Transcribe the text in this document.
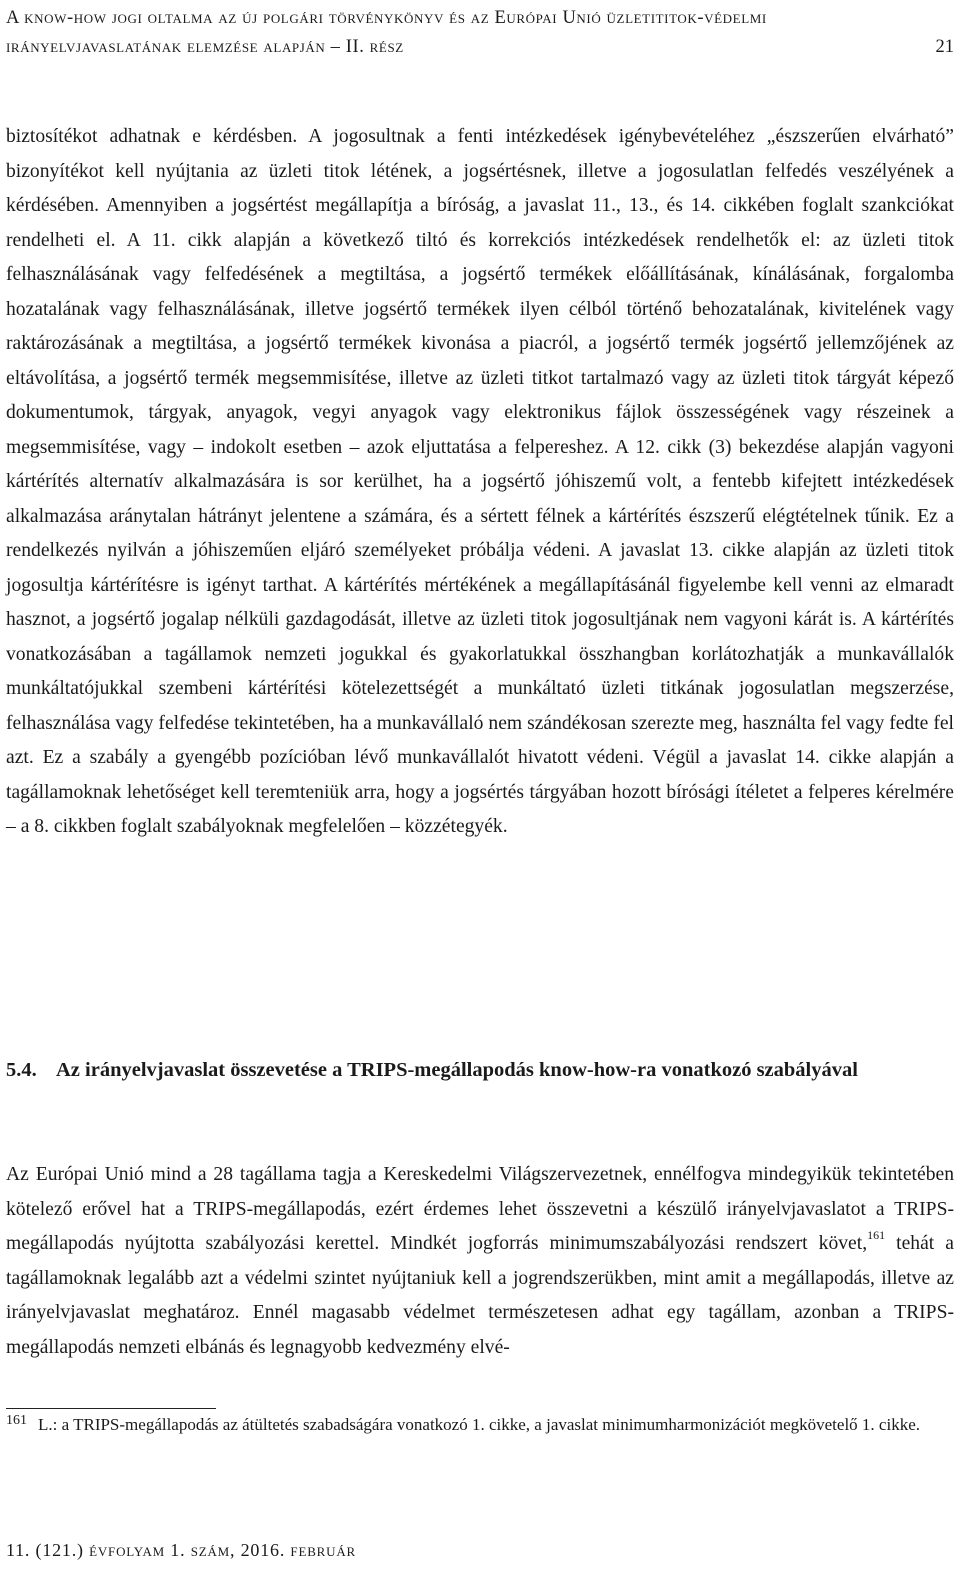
A know-how jogi oltalma az új polgári törvénykönyv és az Európai Unió üzletititok-védelmi irányelvjavaslatának elemzése alapján – II. rész	21

biztosítékot adhatnak e kérdésben. A jogosultnak a fenti intézkedések igénybevételéhez „észszerűen elvárható” bizonyítékot kell nyújtania az üzleti titok létének, a jogsértésnek, illetve a jogosulatlan felfedés veszélyének a kérdésében. Amennyiben a jogsértést megállapítja a bíróság, a javaslat 11., 13., és 14. cikkében foglalt szankciókat rendelheti el. A 11. cikk alapján a következő tiltó és korrekciós intézkedések rendelhetők el: az üzleti titok felhasználásának vagy felfedésének a megtiltása, a jogsértő termékek előállításának, kínálásának, forgalomba hozatalának vagy felhasználásának, illetve jogsértő termékek ilyen célból történő behozatalának, kivitelének vagy raktározásának a megtiltása, a jogsértő termékek kivonása a piacról, a jogsértő termék jogsértő jellemzőjének az eltávolítása, a jogsértő termék megsemmisítése, illetve az üzleti titkot tartalmazó vagy az üzleti titok tárgyát képező dokumentumok, tárgyak, anyagok, vegyi anyagok vagy elektronikus fájlok összességének vagy részeinek a megsemmisítése, vagy – indokolt esetben – azok eljuttatása a felpereshez. A 12. cikk (3) bekezdése alapján vagyoni kártérítés alternatív alkalmazására is sor kerülhet, ha a jogsértő jóhiszemű volt, a fentebb kifejtett intézkedések alkalmazása aránytalan hátrányt jelentene a számára, és a sértett félnek a kártérítés észszerű elégtételnek tűnik. Ez a rendelkezés nyilván a jóhiszeműen eljáró személyeket próbálja védeni. A javaslat 13. cikke alapján az üzleti titok jogosultja kártérítésre is igényt tarthat. A kártérítés mértékének a megállapításánál figyelembe kell venni az elmaradt hasznot, a jogsértő jogalap nélküli gazdagodását, illetve az üzleti titok jogosultjának nem vagyoni kárát is. A kártérítés vonatkozásában a tagállamok nemzeti jogukkal és gyakorlatukkal összhangban korlátozhatják a munkavállalók munkáltatójukkal szembeni kártérítési kötelezettségét a munkáltató üzleti titkának jogosulatlan megszerzése, felhasználása vagy felfedése tekintetében, ha a munkavállaló nem szándékosan szerezte meg, használta fel vagy fedte fel azt. Ez a szabály a gyengébb pozícióban lévő munkavállalót hivatott védeni. Végül a javaslat 14. cikke alapján a tagállamoknak lehetőséget kell teremteniük arra, hogy a jogsértés tárgyában hozott bírósági ítéletet a felperes kérelmére – a 8. cikkben foglalt szabályoknak megfelelően – közzétegyék.

5.4. Az irányelvjavaslat összevetése a TRIPS-megállapodás know-how-ra vonatkozó szabályával

Az Európai Unió mind a 28 tagállama tagja a Kereskedelmi Világszervezetnek, ennélfogva mindegyikük tekintetében kötelező erővel hat a TRIPS-megállapodás, ezért érdemes lehet összevetni a készülő irányelvjavaslatot a TRIPS-megállapodás nyújtotta szabályozási kerettel. Mindkét jogforrás minimumszabályozási rendszert követ,$^{161}$ tehát a tagállamoknak legalább azt a védelmi szintet nyújtaniuk kell a jogrendszerükben, mint amit a megállapodás, illetve az irányelvjavaslat meghatároz. Ennél magasabb védelmet természetesen adhat egy tagállam, azonban a TRIPS-megállapodás nemzeti elbánás és legnagyobb kedvezmény elvé-

161 L.: a TRIPS-megállapodás az átültetés szabadságára vonatkozó 1. cikke, a javaslat minimumharmonizációt megkövetelő 1. cikke.
11. (121.) évfolyam 1. szám, 2016. február
